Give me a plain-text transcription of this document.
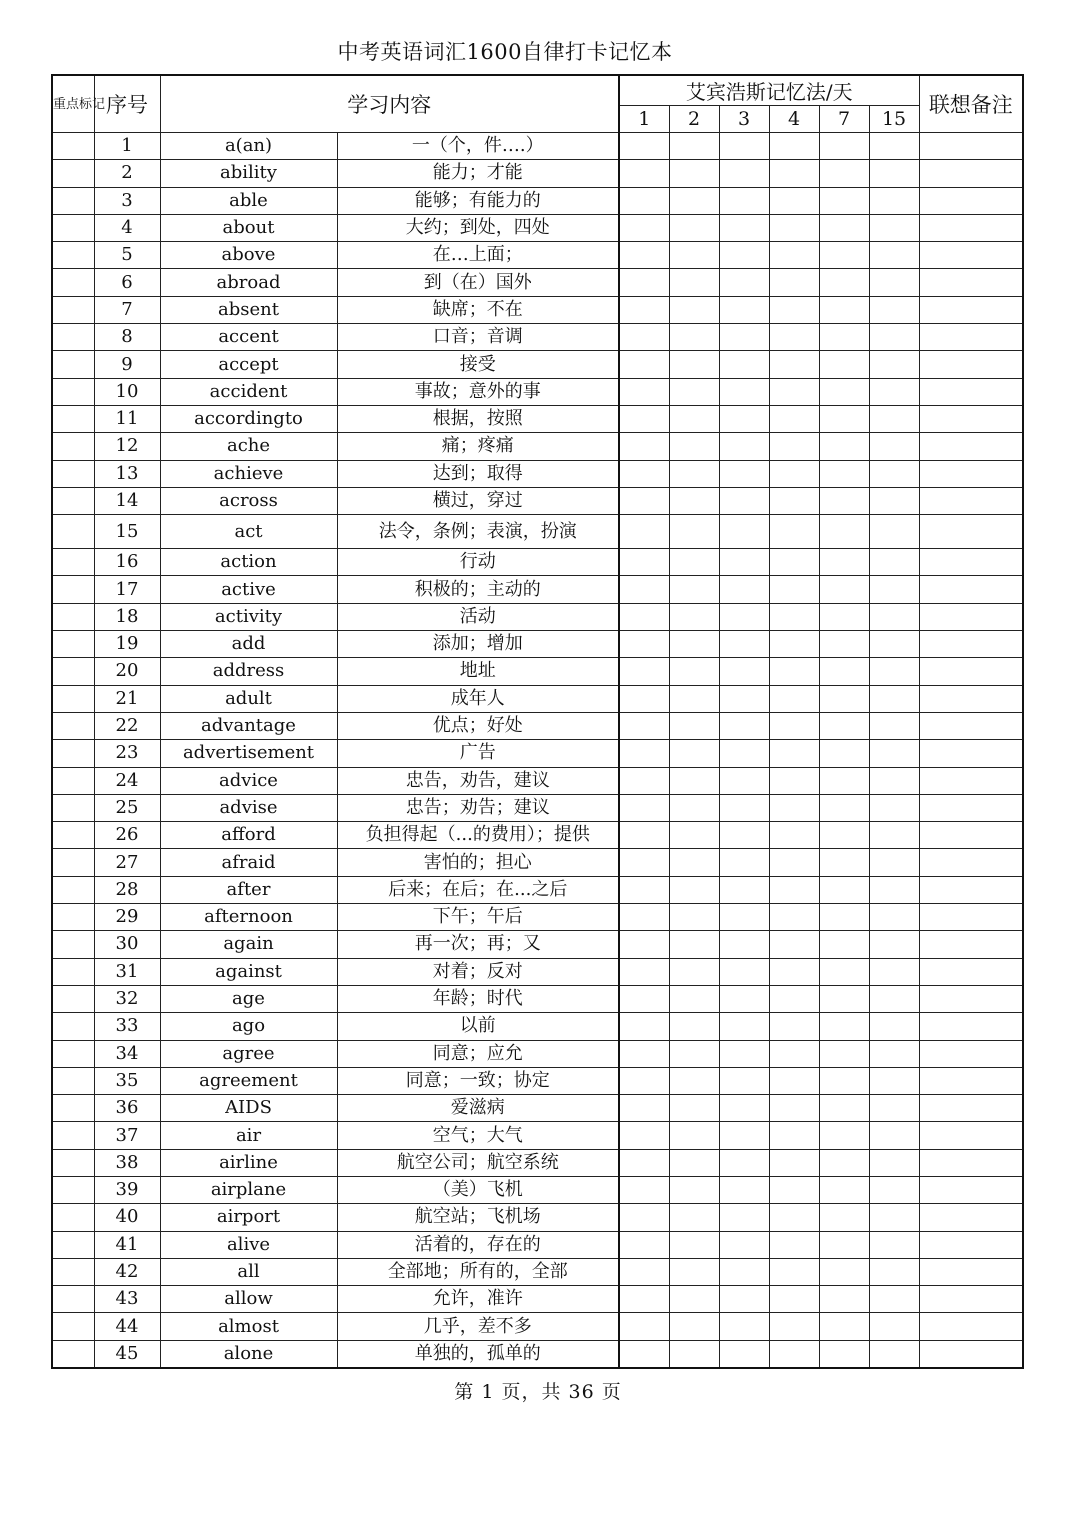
中考英语词汇1600自律打卡记忆本
重点标记	序号	学习内容		艾宾浩斯记忆法/天						联想备注
				1	2	3	4	7	15	
	1	a(an)	一（个，件….）							
	2	ability	能力；才能							
	3	able	能够；有能力的							
	4	about	大约；到处，四处							
	5	above	在…上面；							
	6	abroad	到（在）国外							
	7	absent	缺席；不在							
	8	accent	口音；音调							
	9	accept	接受							
	10	accident	事故；意外的事							
	11	accordingto	根据，按照							
	12	ache	痛；疼痛							
	13	achieve	达到；取得							
	14	across	横过，穿过							
	15	act	法令，条例；表演，扮演							
	16	action	行动							
	17	active	积极的；主动的							
	18	activity	活动							
	19	add	添加；增加							
	20	address	地址							
	21	adult	成年人							
	22	advantage	优点；好处							
	23	advertisement	广告							
	24	advice	忠告，劝告，建议							
	25	advise	忠告；劝告；建议							
	26	afford	负担得起（...的费用）；提供							
	27	afraid	害怕的；担心							
	28	after	后来；在后；在...之后							
	29	afternoon	下午；午后							
	30	again	再一次；再；又							
	31	against	对着；反对							
	32	age	年龄；时代							
	33	ago	以前							
	34	agree	同意；应允							
	35	agreement	同意；一致；协定							
	36	AIDS	爱滋病							
	37	air	空气；大气							
	38	airline	航空公司；航空系统							
	39	airplane	（美）飞机							
	40	airport	航空站；飞机场							
	41	alive	活着的，存在的							
	42	all	全部地；所有的，全部							
	43	allow	允许，准许							
	44	almost	几乎，差不多							
	45	alone	单独的，孤单的							
第 1 页，共 36 页
